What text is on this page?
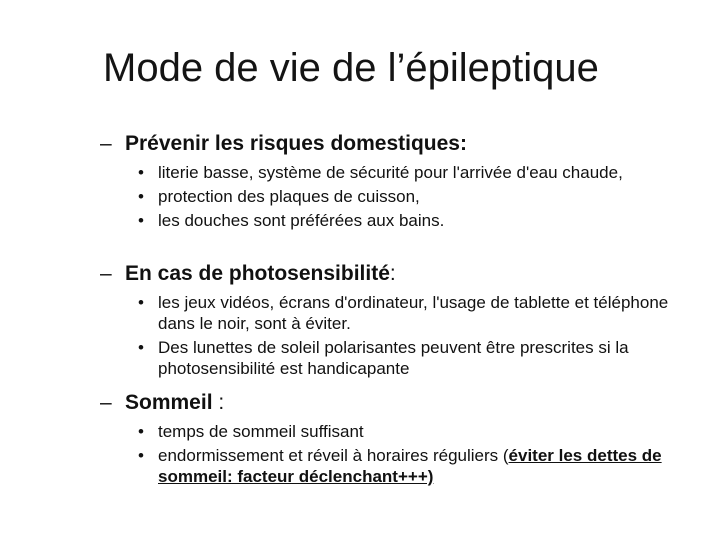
Mode de vie de l’épileptique
– Prévenir les risques domestiques:
• literie basse, système de sécurité pour l'arrivée d'eau chaude,
• protection des plaques de cuisson,
• les douches sont préférées aux bains.
– En cas de photosensibilité:
• les jeux vidéos, écrans d'ordinateur, l'usage de tablette et téléphone dans le noir, sont à éviter.
• Des lunettes de soleil polarisantes peuvent être prescrites si la photosensibilité est handicapante
– Sommeil :
• temps de sommeil suffisant
• endormissement et réveil à horaires réguliers (éviter les dettes de sommeil: facteur déclenchant+++)
